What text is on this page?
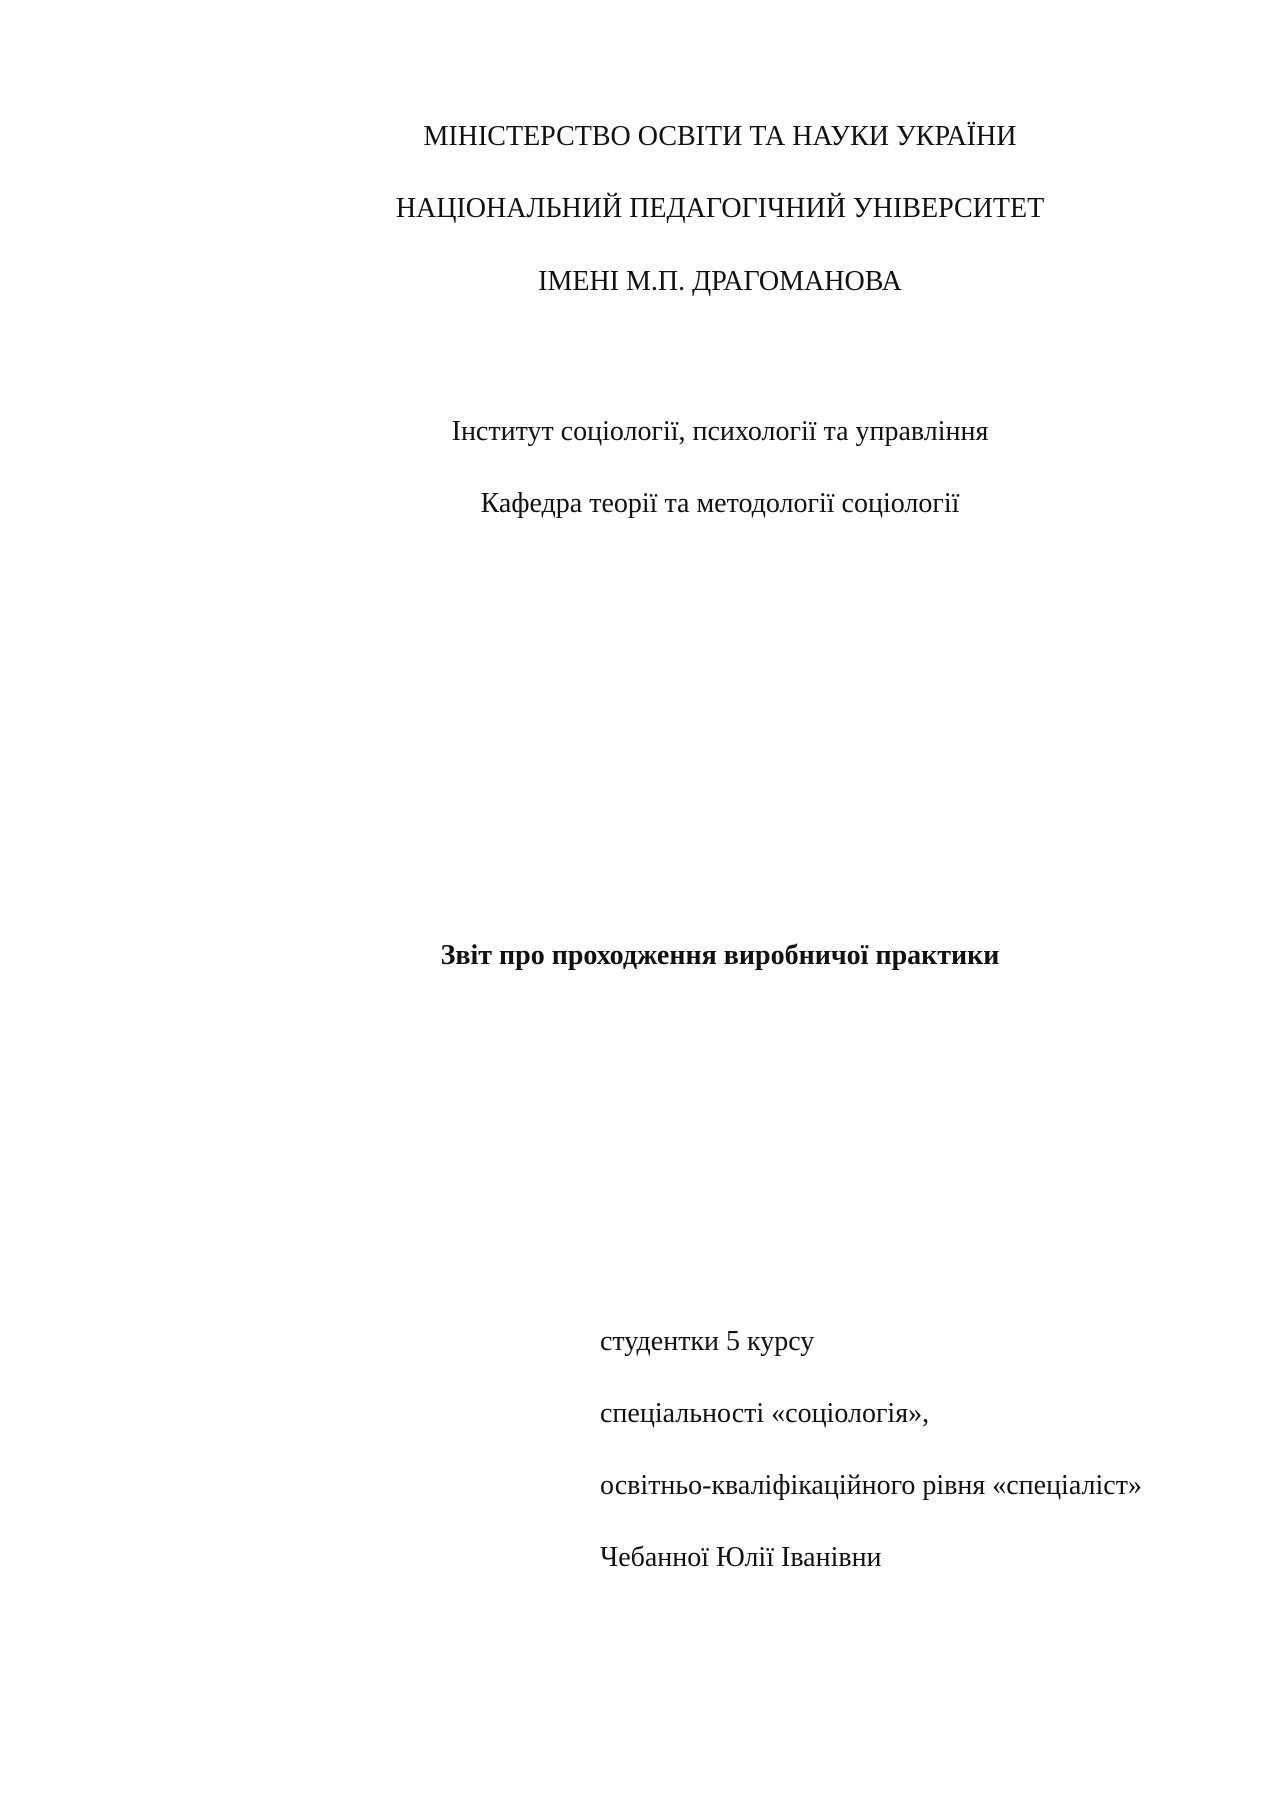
МІНІСТЕРСТВО ОСВІТИ ТА НАУКИ УКРАЇНИ
НАЦІОНАЛЬНИЙ ПЕДАГОГІЧНИЙ УНІВЕРСИТЕТ
ІМЕНІ М.П. ДРАГОМАНОВА
Інститут соціології, психології та управління
Кафедра теорії та методології соціології
Звіт про проходження виробничої практики
студентки 5 курсу
спеціальності «соціологія»,
освітньо-кваліфікаційного рівня «спеціаліст»
Чебанної Юлії Іванівни
